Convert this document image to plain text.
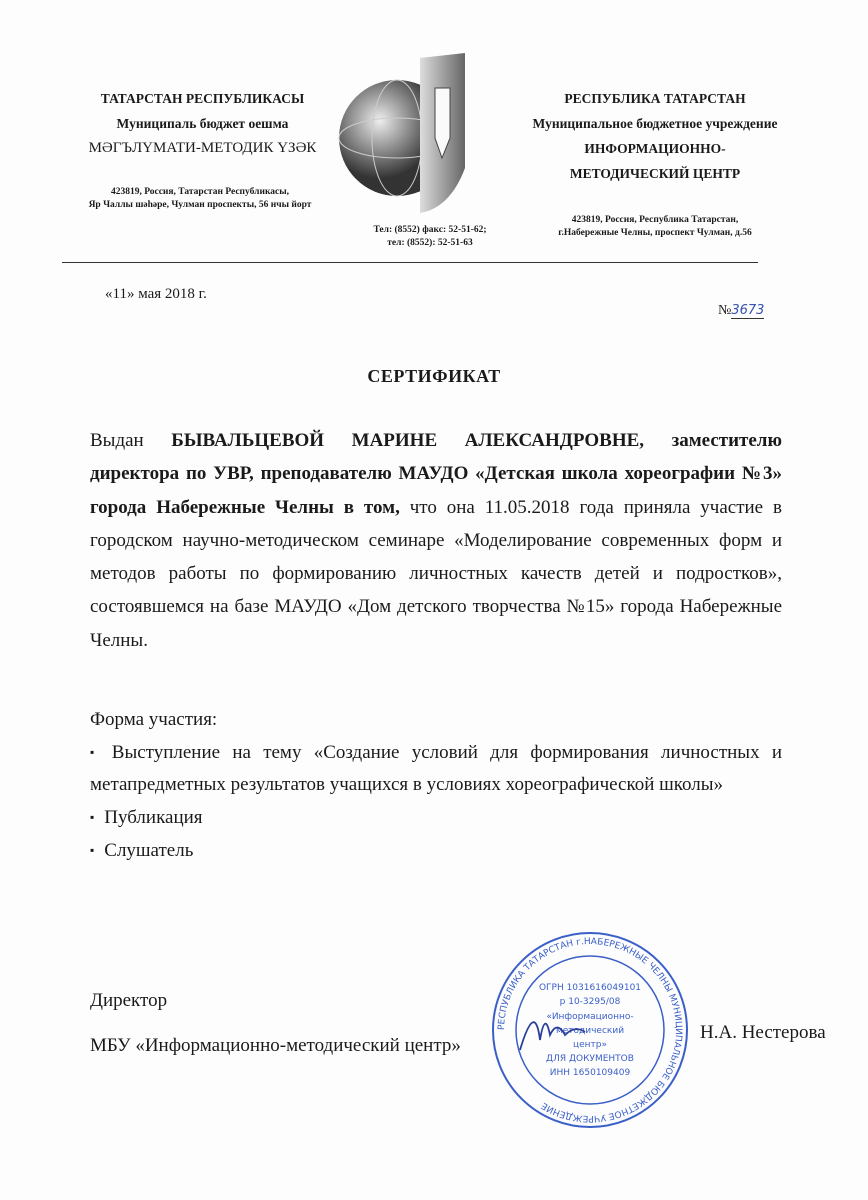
ТАТАРСТАН РЕСПУБЛИКАСЫ
Муниципаль бюджет оешма
МӘГЪЛҮМАТИ-МЕТОДИК ҮЗӘК
423819, Россия, Татарстан Республикасы,
Яр Чаллы шәһәре, Чулман проспекты, 56 нчы йорт
Тел: (8552) факс: 52-51-62;
тел: (8552): 52-51-63
РЕСПУБЛИКА ТАТАРСТАН
Муниципальное бюджетное учреждение
ИНФОРМАЦИОННО-
МЕТОДИЧЕСКИЙ ЦЕНТР
423819, Россия, Республика Татарстан,
г.Набережные Челны, проспект Чулман, д.56
«11» мая 2018 г.
№3673
СЕРТИФИКАТ
Выдан БЫВАЛЬЦЕВОЙ МАРИНЕ АЛЕКСАНДРОВНЕ, заместителю директора по УВР, преподавателю МАУДО «Детская школа хореографии №3» города Набережные Челны в том, что она 11.05.2018 года приняла участие в городском научно-методическом семинаре «Моделирование современных форм и методов работы по формированию личностных качеств детей и подростков», состоявшемся на базе МАУДО «Дом детского творчества №15» города Набережные Челны.
Форма участия:
▪ Выступление на тему «Создание условий для формирования личностных и метапредметных результатов учащихся в условиях хореографической школы»
▪ Публикация
▪ Слушатель
Директор
МБУ «Информационно-методический центр»
Н.А. Нестерова
РЕСПУБЛИКА ТАТАРСТАН г.НАБЕРЕЖНЫЕ ЧЕЛНЫ МУНИЦИПАЛЬНОЕ БЮДЖЕТНОЕ УЧРЕЖДЕНИЕ
ОГРН 1031616049101
р 10-3295/08
«Информационно-
методический
центр»
ДЛЯ ДОКУМЕНТОВ
ИНН 1650109409
